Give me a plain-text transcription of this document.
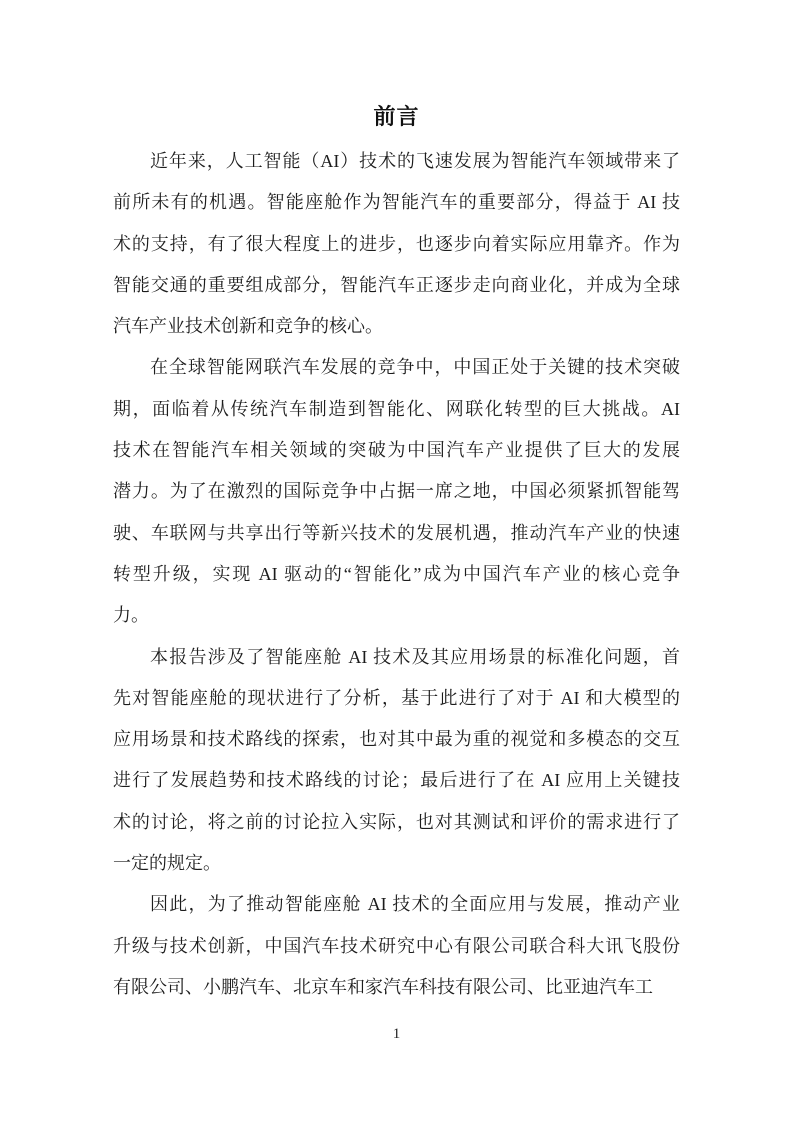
前言
近年来，人工智能（AI）技术的飞速发展为智能汽车领域带来了
前所未有的机遇。智能座舱作为智能汽车的重要部分，得益于 AI 技
术的支持，有了很大程度上的进步，也逐步向着实际应用靠齐。作为
智能交通的重要组成部分，智能汽车正逐步走向商业化，并成为全球
汽车产业技术创新和竞争的核心。
在全球智能网联汽车发展的竞争中，中国正处于关键的技术突破
期，面临着从传统汽车制造到智能化、网联化转型的巨大挑战。AI
技术在智能汽车相关领域的突破为中国汽车产业提供了巨大的发展
潜力。为了在激烈的国际竞争中占据一席之地，中国必须紧抓智能驾
驶、车联网与共享出行等新兴技术的发展机遇，推动汽车产业的快速
转型升级，实现 AI 驱动的“智能化”成为中国汽车产业的核心竞争
力。
本报告涉及了智能座舱 AI 技术及其应用场景的标准化问题，首
先对智能座舱的现状进行了分析，基于此进行了对于 AI 和大模型的
应用场景和技术路线的探索，也对其中最为重的视觉和多模态的交互
进行了发展趋势和技术路线的讨论；最后进行了在 AI 应用上关键技
术的讨论，将之前的讨论拉入实际，也对其测试和评价的需求进行了
一定的规定。
因此，为了推动智能座舱 AI 技术的全面应用与发展，推动产业
升级与技术创新，中国汽车技术研究中心有限公司联合科大讯飞股份
有限公司、小鹏汽车、北京车和家汽车科技有限公司、比亚迪汽车工
1
